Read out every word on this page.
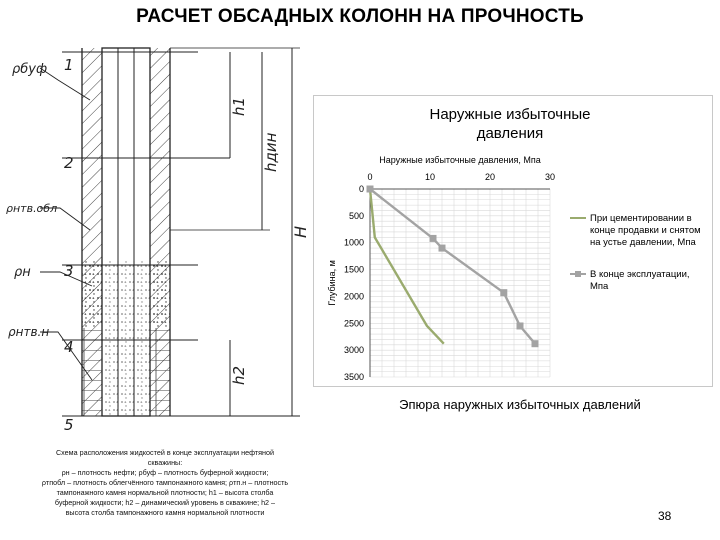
РАСЧЕТ ОБСАДНЫХ КОЛОНН НА ПРОЧНОСТЬ
ρбуф
ρнтв.обл
ρн
ρнтв.н
1
2
3
4
5
h1
hдин
H
h2
Наружные избыточные
давления
Наружные избыточные давления, Мпа
0	10	20	30
0
500
1000
1500
2000
2500
3000
3500
Глубина, м
При цементировании в конце продавки и снятом на устье давлении, Мпа
В конце эксплуатации, Мпа
Эпюра наружных избыточных давлений
Схема расположения жидкостей в конце эксплуатации нефтяной
скважины:
ρн – плотность нефти; ρбуф – плотность буферной жидкости;
ρтпобл – плотность облегчённого тампонажного камня; ρтп.н – плотность
тампонажного камня нормальной плотности; h1 – высота столба
буферной жидкости; h2 – динамический уровень в скважине; h2 –
высота столба тампонажного камня нормальной плотности	38
